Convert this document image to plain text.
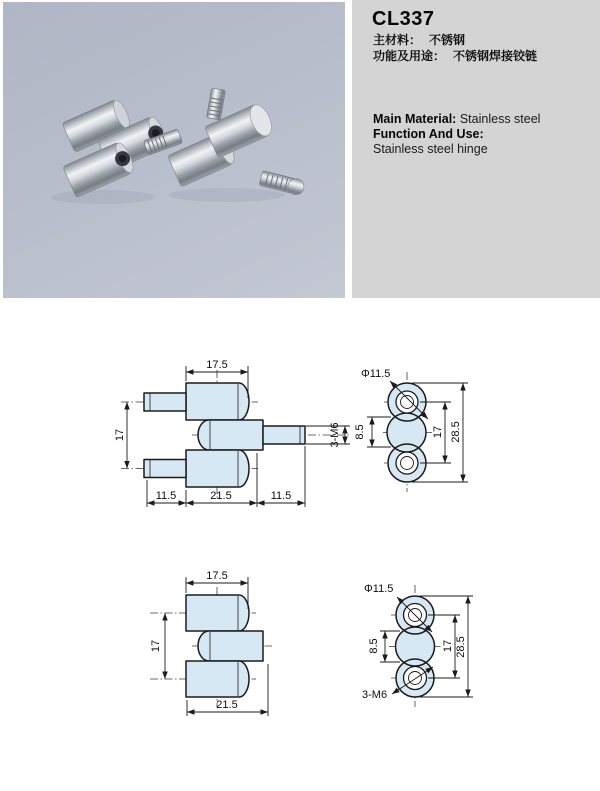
CL337
主材料： 不锈钢
功能及用途： 不锈钢焊接铰链
Main Material: Stainless steel
Function And Use:
Stainless steel hinge
17.5
17
11.5	21.5	11.5
3-M6
Φ11.5
8.5	17 28.5
17.5
17
21.5
Φ11.5
8.5	17 28.5
3-M6
